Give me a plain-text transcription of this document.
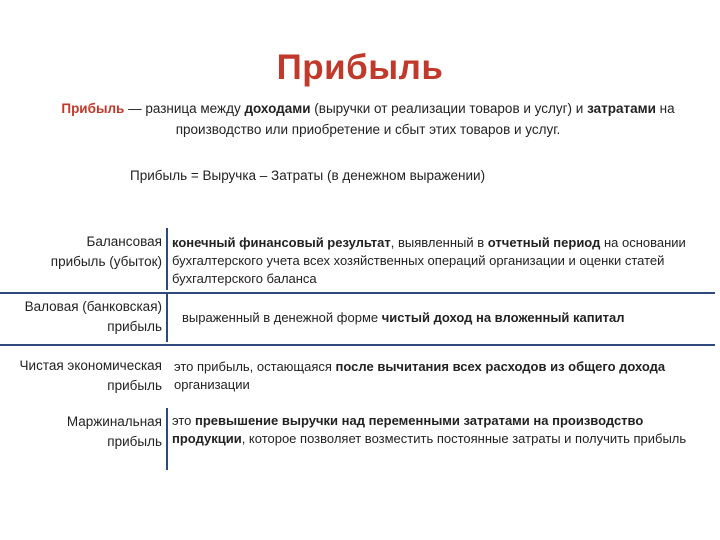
Прибыль
Прибыль — разница между доходами (выручки от реализации товаров и услуг) и затратами на производство или приобретение и сбыт этих товаров и услуг.
Прибыль = Выручка – Затраты (в денежном выражении)
Балансовая
прибыль (убыток)
конечный финансовый результат, выявленный в отчетный период на основании бухгалтерского учета всех хозяйственных операций организации и оценки статей бухгалтерского баланса
Валовая (банковская)
прибыль
выраженный в денежной форме чистый доход на вложенный капитал
Чистая экономическая
прибыль
это прибыль, остающаяся после вычитания всех расходов из общего дохода организации
Маржинальная
прибыль
это превышение выручки над переменными затратами на производство продукции, которое позволяет возместить постоянные затраты и получить прибыль
